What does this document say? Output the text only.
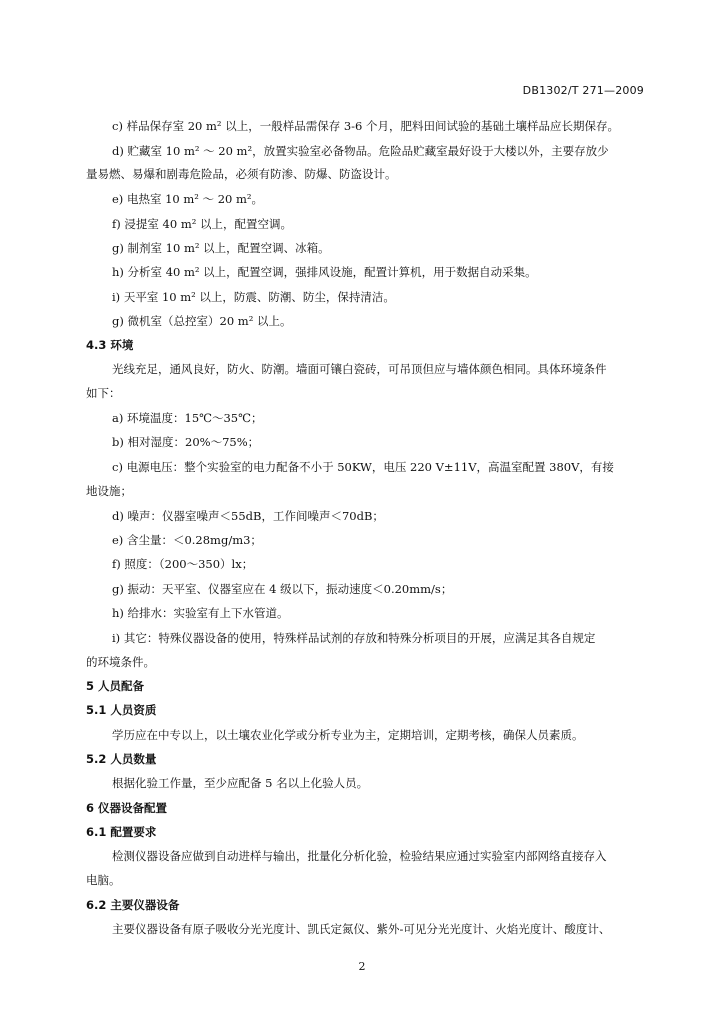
DB1302/T 271—2009
c) 样品保存室 20 m² 以上，一般样品需保存 3-6 个月，肥料田间试验的基础土壤样品应长期保存。
d) 贮藏室 10 m² ～ 20 m²，放置实验室必备物品。危险品贮藏室最好设于大楼以外，主要存放少
量易燃、易爆和剧毒危险品，必须有防渗、防爆、防盗设计。
e) 电热室 10 m² ～ 20 m²。
f) 浸提室 40 m² 以上，配置空调。
g) 制剂室 10 m² 以上，配置空调、冰箱。
h) 分析室 40 m² 以上，配置空调，强排风设施，配置计算机，用于数据自动采集。
i) 天平室 10 m² 以上，防震、防潮、防尘，保持清洁。
g) 微机室（总控室）20 m² 以上。
4.3 环境
光线充足，通风良好，防火、防潮。墙面可镶白瓷砖，可吊顶但应与墙体颜色相同。具体环境条件
如下：
a) 环境温度：15℃～35℃；
b) 相对湿度：20%～75%；
c) 电源电压：整个实验室的电力配备不小于 50KW，电压 220 V±11V，高温室配置 380V，有接
地设施；
d) 噪声：仪器室噪声＜55dB，工作间噪声＜70dB；
e) 含尘量：＜0.28mg/m3；
f) 照度：（200～350）lx；
g) 振动：天平室、仪器室应在 4 级以下，振动速度＜0.20mm/s；
h) 给排水：实验室有上下水管道。
i) 其它：特殊仪器设备的使用，特殊样品试剂的存放和特殊分析项目的开展，应满足其各自规定
的环境条件。
5 人员配备
5.1 人员资质
学历应在中专以上，以土壤农业化学或分析专业为主，定期培训，定期考核，确保人员素质。
5.2 人员数量
根据化验工作量，至少应配备 5 名以上化验人员。
6 仪器设备配置
6.1 配置要求
检测仪器设备应做到自动进样与输出，批量化分析化验，检验结果应通过实验室内部网络直接存入
电脑。
6.2 主要仪器设备
主要仪器设备有原子吸收分光光度计、凯氏定氮仪、紫外-可见分光光度计、火焰光度计、酸度计、
2
